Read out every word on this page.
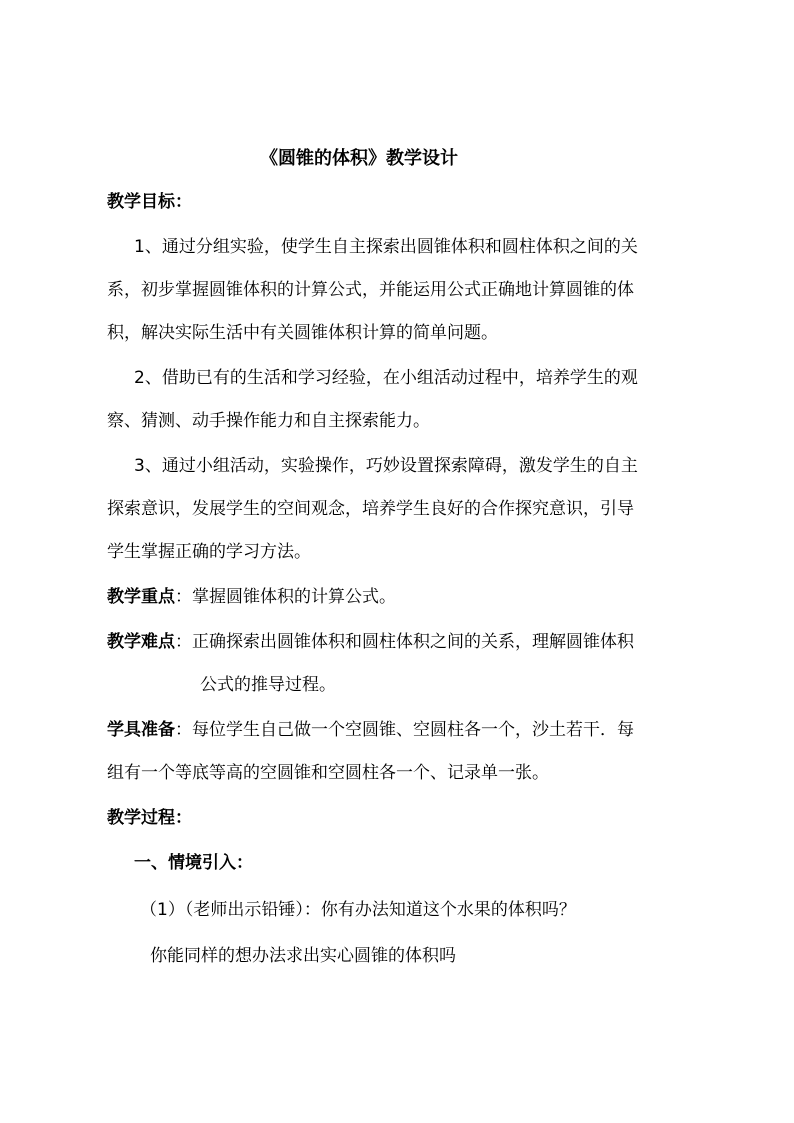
《圆锥的体积》教学设计
教学目标：
1、通过分组实验，使学生自主探索出圆锥体积和圆柱体积之间的关
系，初步掌握圆锥体积的计算公式，并能运用公式正确地计算圆锥的体
积，解决实际生活中有关圆锥体积计算的简单问题。
2、借助已有的生活和学习经验，在小组活动过程中，培养学生的观
察、猜测、动手操作能力和自主探索能力。
3、通过小组活动，实验操作，巧妙设置探索障碍，激发学生的自主
探索意识，发展学生的空间观念，培养学生良好的合作探究意识，引导
学生掌握正确的学习方法。
教学重点：掌握圆锥体积的计算公式。
教学难点：正确探索出圆锥体积和圆柱体积之间的关系，理解圆锥体积
公式的推导过程。
学具准备：每位学生自己做一个空圆锥、空圆柱各一个，沙土若干．每
组有一个等底等高的空圆锥和空圆柱各一个、记录单一张。
教学过程：
一、情境引入：
（1）（老师出示铅锤）：你有办法知道这个水果的体积吗？
你能同样的想办法求出实心圆锥的体积吗
